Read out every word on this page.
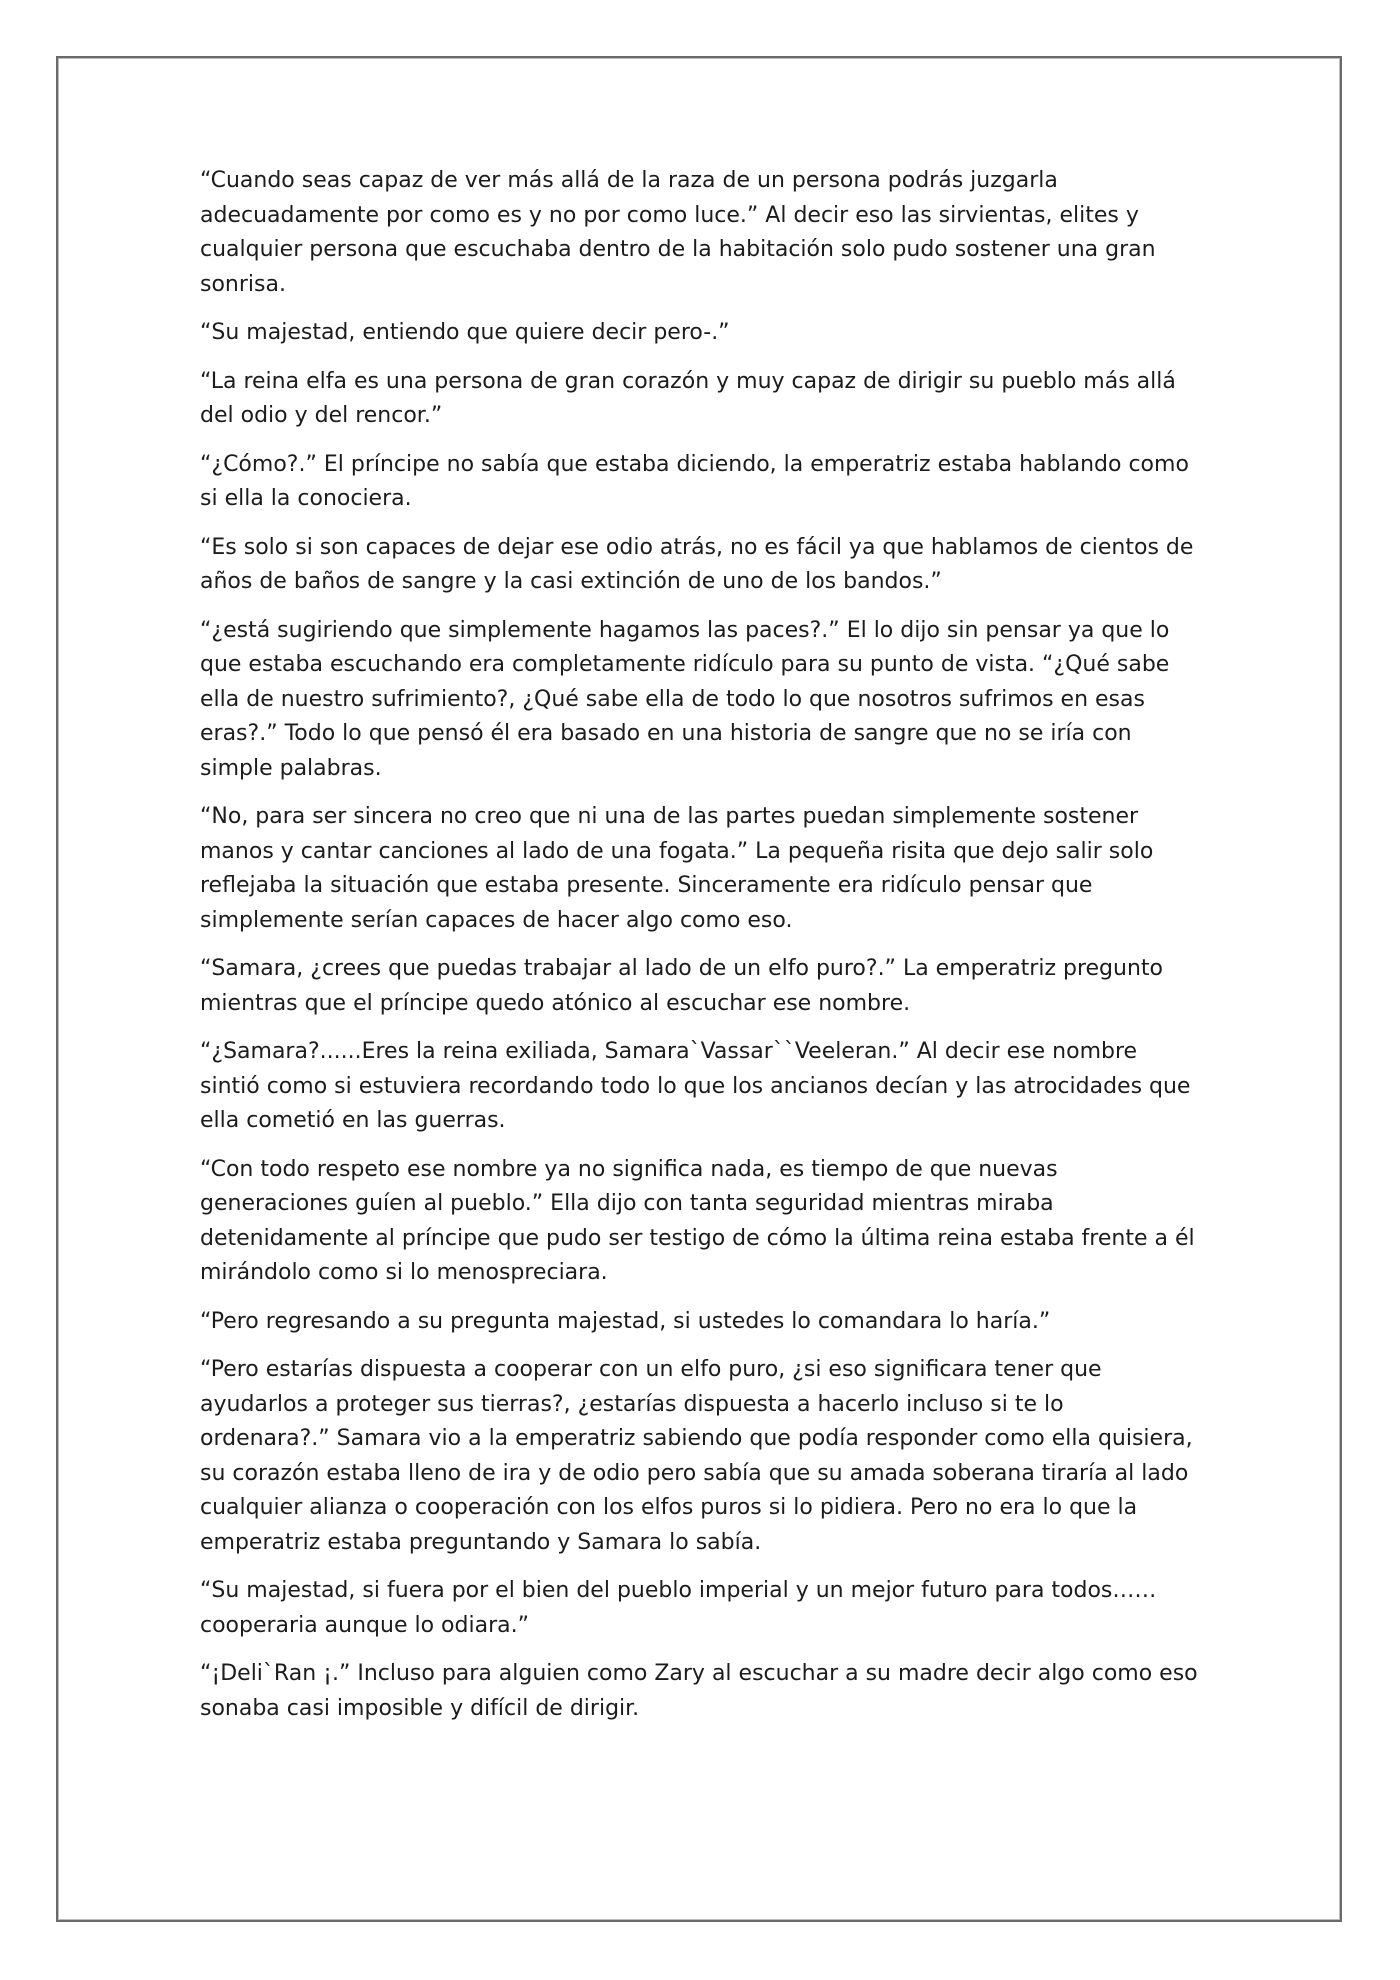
“Cuando seas capaz de ver más allá de la raza de un persona podrás juzgarla adecuadamente por como es y no por como luce.” Al decir eso las sirvientas, elites y cualquier persona que escuchaba dentro de la habitación solo pudo sostener una gran sonrisa.

“Su majestad, entiendo que quiere decir pero-.”

“La reina elfa es una persona de gran corazón y muy capaz de dirigir su pueblo más allá del odio y del rencor.”

“¿Cómo?.” El príncipe no sabía que estaba diciendo, la emperatriz estaba hablando como si ella la conociera.

“Es solo si son capaces de dejar ese odio atrás, no es fácil ya que hablamos de cientos de años de baños de sangre y la casi extinción de uno de los bandos.”

“¿está sugiriendo que simplemente hagamos las paces?.” El lo dijo sin pensar ya que lo que estaba escuchando era completamente ridículo para su punto de vista. “¿Qué sabe ella de nuestro sufrimiento?, ¿Qué sabe ella de todo lo que nosotros sufrimos en esas eras?.” Todo lo que pensó él era basado en una historia de sangre que no se iría con simple palabras.

“No, para ser sincera no creo que ni una de las partes puedan simplemente sostener manos y cantar canciones al lado de una fogata.” La pequeña risita que dejo salir solo reflejaba la situación que estaba presente. Sinceramente era ridículo pensar que simplemente serían capaces de hacer algo como eso.

“Samara, ¿crees que puedas trabajar al lado de un elfo puro?.” La emperatriz pregunto mientras que el príncipe quedo atónico al escuchar ese nombre.

“¿Samara?......Eres la reina exiliada, Samara`Vassar``Veeleran.” Al decir ese nombre sintió como si estuviera recordando todo lo que los ancianos decían y las atrocidades que ella cometió en las guerras.

“Con todo respeto ese nombre ya no significa nada, es tiempo de que nuevas generaciones guíen al pueblo.” Ella dijo con tanta seguridad mientras miraba detenidamente al príncipe que pudo ser testigo de cómo la última reina estaba frente a él mirándolo como si lo menospreciara.

“Pero regresando a su pregunta majestad, si ustedes lo comandara lo haría.”

“Pero estarías dispuesta a cooperar con un elfo puro, ¿si eso significara tener que ayudarlos a proteger sus tierras?, ¿estarías dispuesta a hacerlo incluso si te lo ordenara?.” Samara vio a la emperatriz sabiendo que podía responder como ella quisiera, su corazón estaba lleno de ira y de odio pero sabía que su amada soberana tiraría al lado cualquier alianza o cooperación con los elfos puros si lo pidiera. Pero no era lo que la emperatriz estaba preguntando y Samara lo sabía.

“Su majestad, si fuera por el bien del pueblo imperial y un mejor futuro para todos……cooperaria aunque lo odiara.”

“¡Deli`Ran ¡.” Incluso para alguien como Zary al escuchar a su madre decir algo como eso sonaba casi imposible y difícil de dirigir.
